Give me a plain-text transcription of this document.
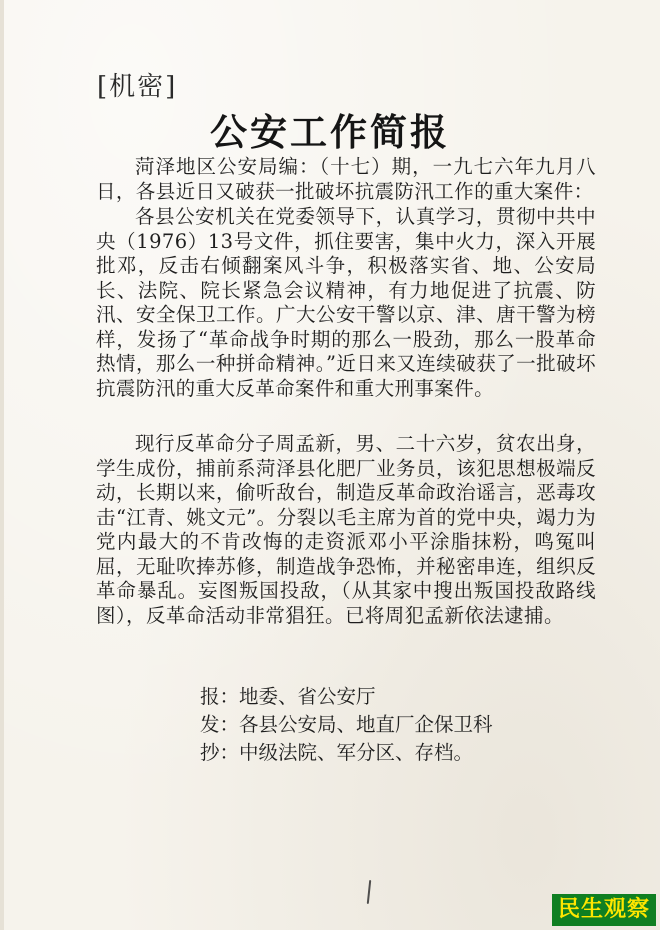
[机密]
公安工作简报
菏泽地区公安局编：（十七）期，一九七六年九月八日，各县近日又破获一批破坏抗震防汛工作的重大案件：
各县公安机关在党委领导下，认真学习，贯彻中共中央（1976）13号文件，抓住要害，集中火力，深入开展批邓，反击右倾翻案风斗争，积极落实省、地、公安局长、法院、院长紧急会议精神，有力地促进了抗震、防汛、安全保卫工作。广大公安干警以京、津、唐干警为榜样，发扬了“革命战争时期的那么一股劲，那么一股革命热情，那么一种拼命精神。”近日来又连续破获了一批破坏抗震防汛的重大反革命案件和重大刑事案件。
现行反革命分子周孟新，男、二十六岁，贫农出身，学生成份，捕前系菏泽县化肥厂业务员，该犯思想极端反动，长期以来，偷听敌台，制造反革命政治谣言，恶毒攻击“江青、姚文元”。分裂以毛主席为首的党中央，竭力为党内最大的不肯改悔的走资派邓小平涂脂抹粉，鸣冤叫屈，无耻吹捧苏修，制造战争恐怖，并秘密串连，组织反革命暴乱。妄图叛国投敌，（从其家中搜出叛国投敌路线图），反革命活动非常猖狂。已将周犯孟新依法逮捕。
报：地委、省公安厅
发：各县公安局、地直厂企保卫科
抄：中级法院、军分区、存档。
民生观察
